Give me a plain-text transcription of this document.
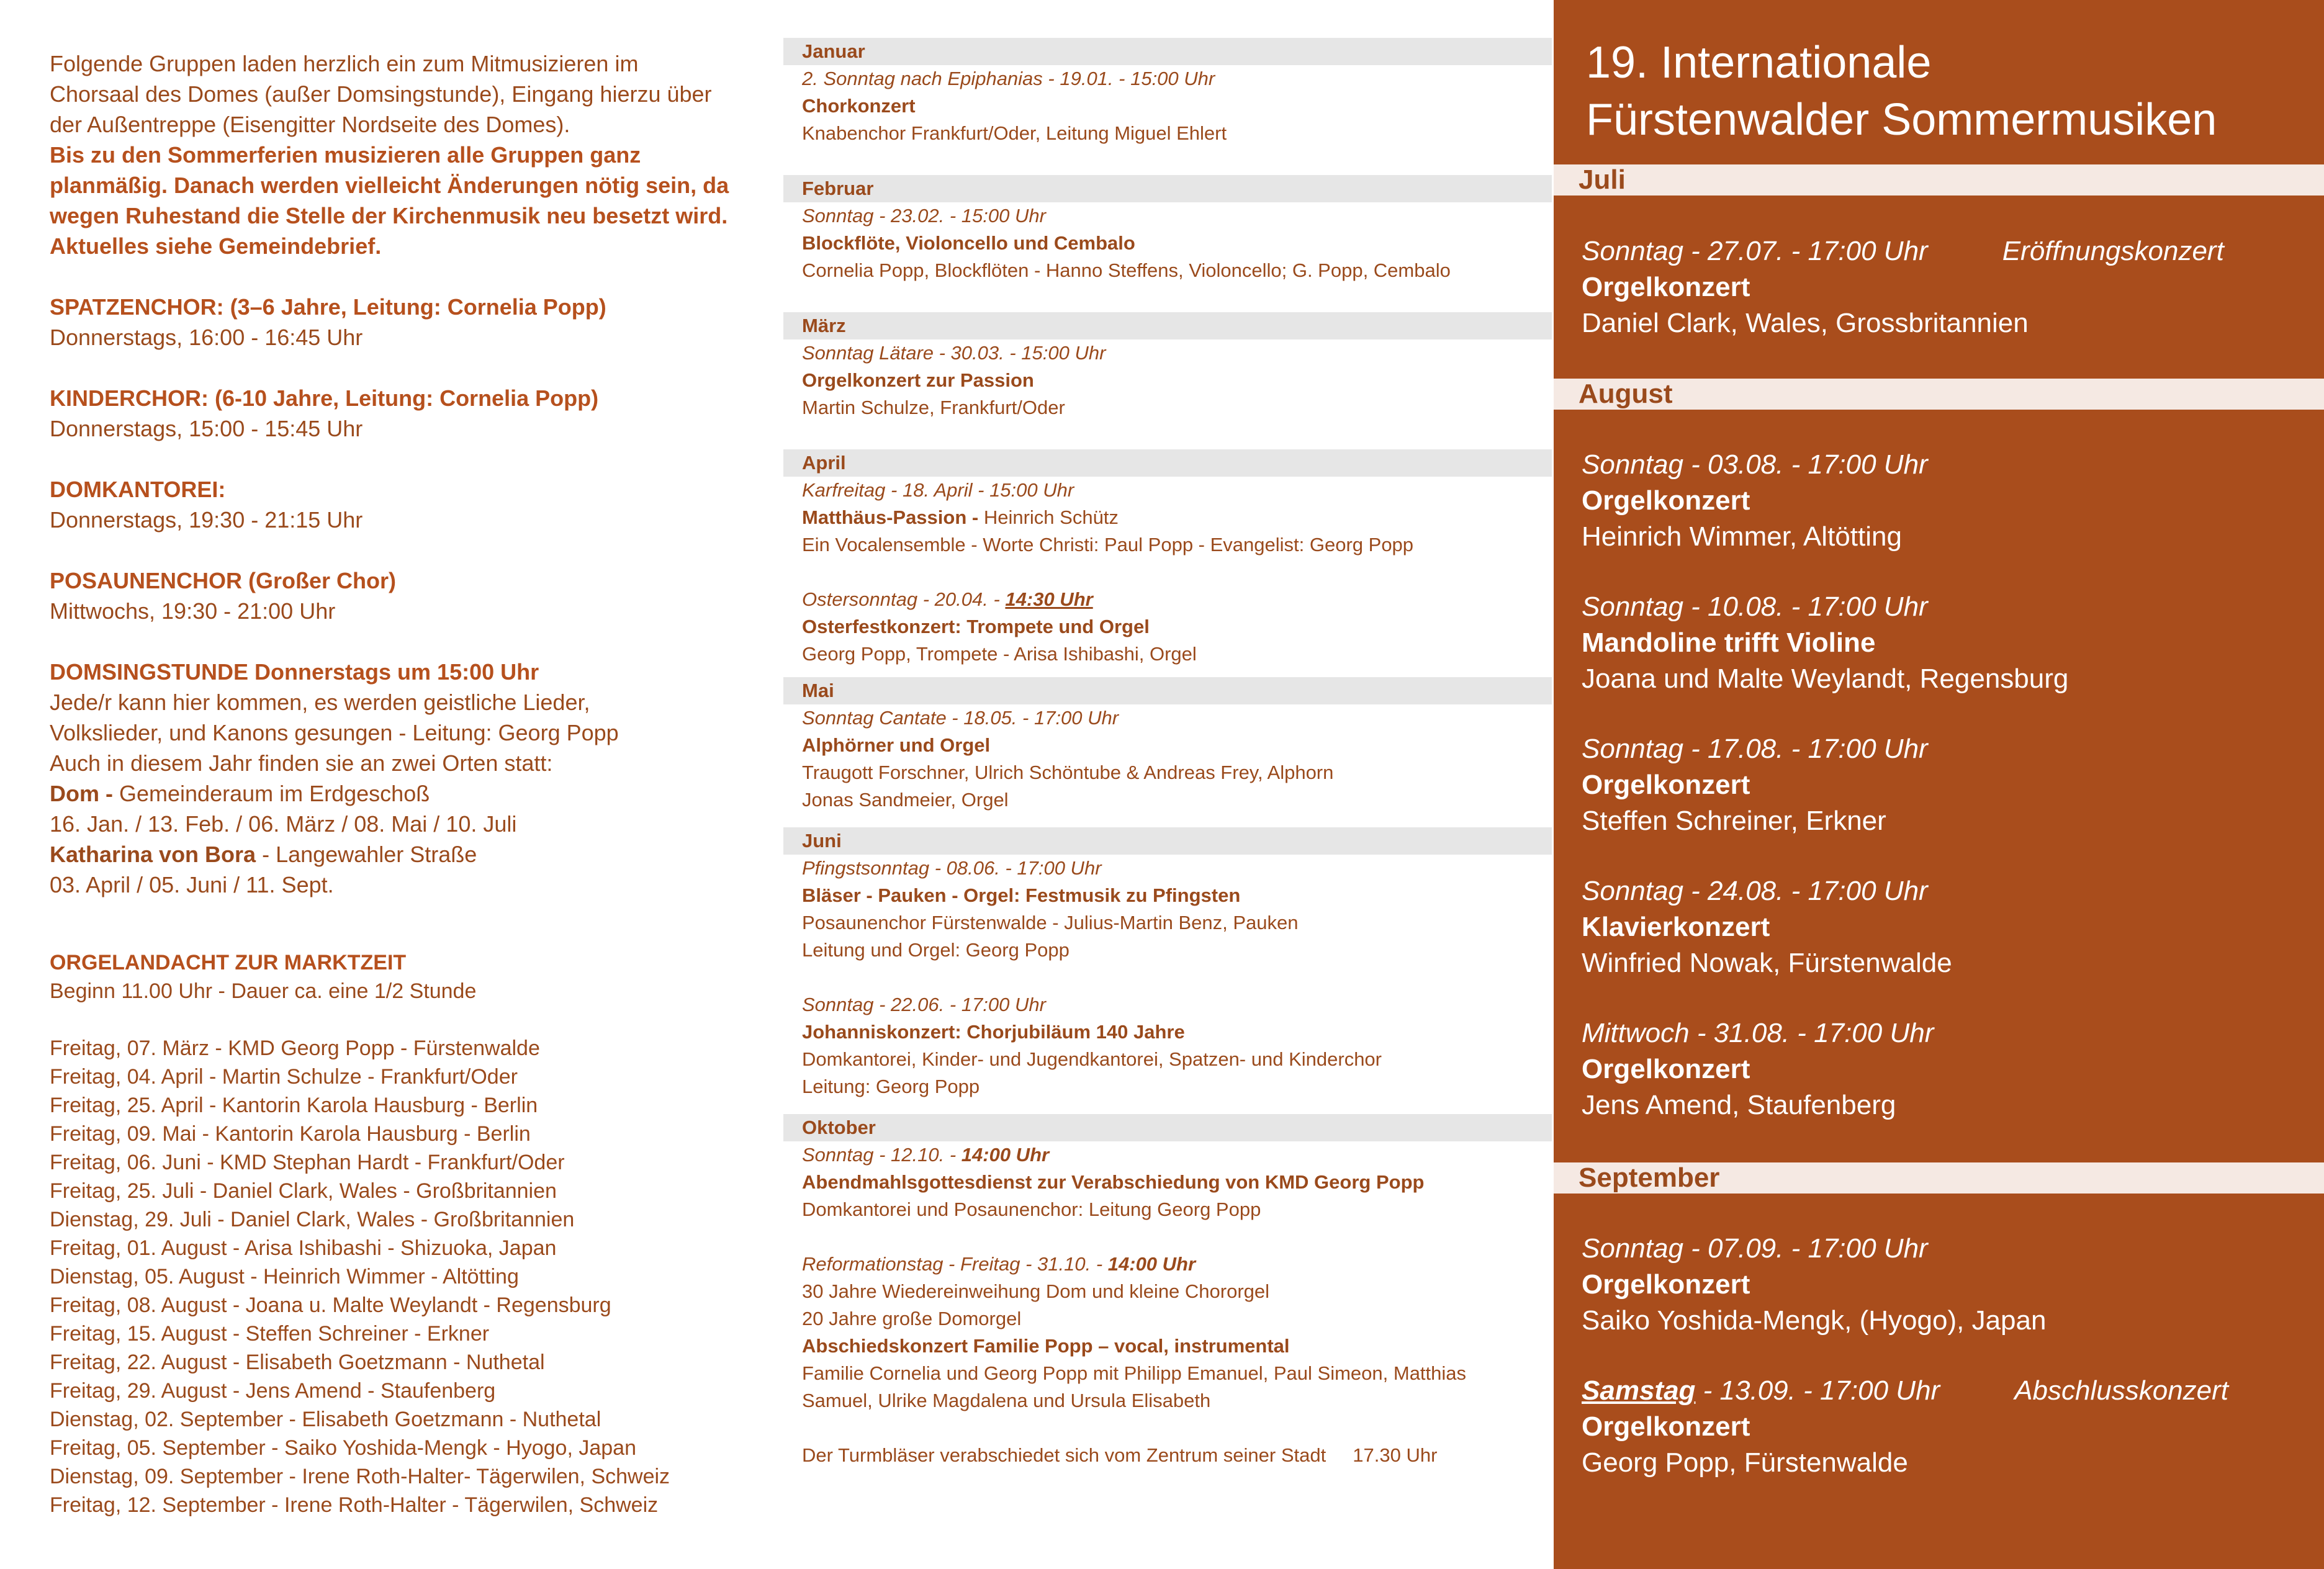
Folgende Gruppen laden herzlich ein zum Mitmusizieren im Chorsaal des Domes (außer Domsingstunde), Eingang hierzu über der Außentreppe (Eisengitter Nordseite des Domes).

Bis zu den Sommerferien musizieren alle Gruppen ganz planmäßig. Danach werden vielleicht Änderungen nötig sein, da wegen Ruhestand die Stelle der Kirchenmusik neu besetzt wird. Aktuelles siehe Gemeindebrief.

SPATZENCHOR: (3–6 Jahre, Leitung: Cornelia Popp)

Donnerstags, 16:00 - 16:45 Uhr

KINDERCHOR: (6-10 Jahre, Leitung: Cornelia Popp)

Donnerstags, 15:00 - 15:45 Uhr

DOMKANTOREI:

Donnerstags, 19:30 - 21:15 Uhr

POSAUNENCHOR (Großer Chor)

Mittwochs, 19:30 - 21:00 Uhr

DOMSINGSTUNDE Donnerstags um 15:00 Uhr

Jede/r kann hier kommen, es werden geistliche Lieder,

Volkslieder, und Kanons gesungen - Leitung: Georg Popp

Auch in diesem Jahr finden sie an zwei Orten statt:

Dom - Gemeinderaum im Erdgeschoß

16. Jan. / 13. Feb. / 06. März / 08. Mai / 10. Juli

Katharina von Bora - Langewahler Straße

03. April / 05. Juni / 11. Sept.

ORGELANDACHT ZUR MARKTZEIT

Beginn 11.00 Uhr - Dauer ca. eine 1/2 Stunde

Freitag, 07. März - KMD Georg Popp - Fürstenwalde

Freitag, 04. April - Martin Schulze - Frankfurt/Oder

Freitag, 25. April - Kantorin Karola Hausburg - Berlin

Freitag, 09. Mai - Kantorin Karola Hausburg - Berlin

Freitag, 06. Juni - KMD Stephan Hardt - Frankfurt/Oder

Freitag, 25. Juli - Daniel Clark, Wales - Großbritannien

Dienstag, 29. Juli - Daniel Clark, Wales - Großbritannien

Freitag, 01. August - Arisa Ishibashi - Shizuoka, Japan

Dienstag, 05. August - Heinrich Wimmer - Altötting

Freitag, 08. August - Joana u. Malte Weylandt - Regensburg

Freitag, 15. August - Steffen Schreiner - Erkner

Freitag, 22. August - Elisabeth Goetzmann - Nuthetal

Freitag, 29. August - Jens Amend - Staufenberg

Dienstag, 02. September - Elisabeth Goetzmann - Nuthetal

Freitag, 05. September - Saiko Yoshida-Mengk - Hyogo, Japan

Dienstag, 09. September - Irene Roth-Halter- Tägerwilen, Schweiz

Freitag, 12. September - Irene Roth-Halter - Tägerwilen, Schweiz

Januar

2. Sonntag nach Epiphanias - 19.01. - 15:00 Uhr

Chorkonzert

Knabenchor Frankfurt/Oder, Leitung Miguel Ehlert

Februar

Sonntag - 23.02. - 15:00 Uhr

Blockflöte, Violoncello und Cembalo

Cornelia Popp, Blockflöten - Hanno Steffens, Violoncello; G. Popp, Cembalo

März

Sonntag Lätare - 30.03. - 15:00 Uhr

Orgelkonzert zur Passion

Martin Schulze, Frankfurt/Oder

April

Karfreitag - 18. April - 15:00 Uhr

Matthäus-Passion - Heinrich Schütz

Ein Vocalensemble - Worte Christi: Paul Popp - Evangelist: Georg Popp

Ostersonntag - 20.04. - 14:30 Uhr

Osterfestkonzert: Trompete und Orgel

Georg Popp, Trompete - Arisa Ishibashi, Orgel

Mai

Sonntag Cantate - 18.05. - 17:00 Uhr

Alphörner und Orgel

Traugott Forschner, Ulrich Schöntube & Andreas Frey, Alphorn

Jonas Sandmeier, Orgel

Juni

Pfingstsonntag - 08.06. - 17:00 Uhr

Bläser - Pauken - Orgel: Festmusik zu Pfingsten

Posaunenchor Fürstenwalde - Julius-Martin Benz, Pauken

Leitung und Orgel: Georg Popp

Sonntag - 22.06. - 17:00 Uhr

Johanniskonzert: Chorjubiläum 140 Jahre

Domkantorei, Kinder- und Jugendkantorei, Spatzen- und Kinderchor

Leitung: Georg Popp

Oktober

Sonntag - 12.10. - 14:00 Uhr

Abendmahlsgottesdienst zur Verabschiedung von KMD Georg Popp

Domkantorei und Posaunenchor: Leitung Georg Popp

Reformationstag - Freitag - 31.10. - 14:00 Uhr

30 Jahre Wiedereinweihung Dom und kleine Chororgel

20 Jahre große Domorgel

Abschiedskonzert Familie Popp – vocal, instrumental

Familie Cornelia und Georg Popp mit Philipp Emanuel, Paul Simeon, Matthias

Samuel, Ulrike Magdalena und Ursula Elisabeth

Der Turmbläser verabschiedet sich vom Zentrum seiner Stadt     17.30 Uhr

19. Internationale
Fürstenwalder Sommermusiken
Juli

Sonntag - 27.07. - 17:00 Uhr	Eröffnungskonzert

Orgelkonzert

Daniel Clark, Wales, Grossbritannien

August

Sonntag - 03.08. - 17:00 Uhr

Orgelkonzert

Heinrich Wimmer, Altötting

Sonntag - 10.08. - 17:00 Uhr

Mandoline trifft Violine

Joana und Malte Weylandt, Regensburg

Sonntag - 17.08. - 17:00 Uhr

Orgelkonzert

Steffen Schreiner, Erkner

Sonntag - 24.08. - 17:00 Uhr

Klavierkonzert

Winfried Nowak, Fürstenwalde

Mittwoch - 31.08. - 17:00 Uhr

Orgelkonzert

Jens Amend, Staufenberg

September

Sonntag - 07.09. - 17:00 Uhr

Orgelkonzert

Saiko Yoshida-Mengk, (Hyogo), Japan

Samstag - 13.09. - 17:00 Uhr	Abschlusskonzert

Orgelkonzert

Georg Popp, Fürstenwalde
